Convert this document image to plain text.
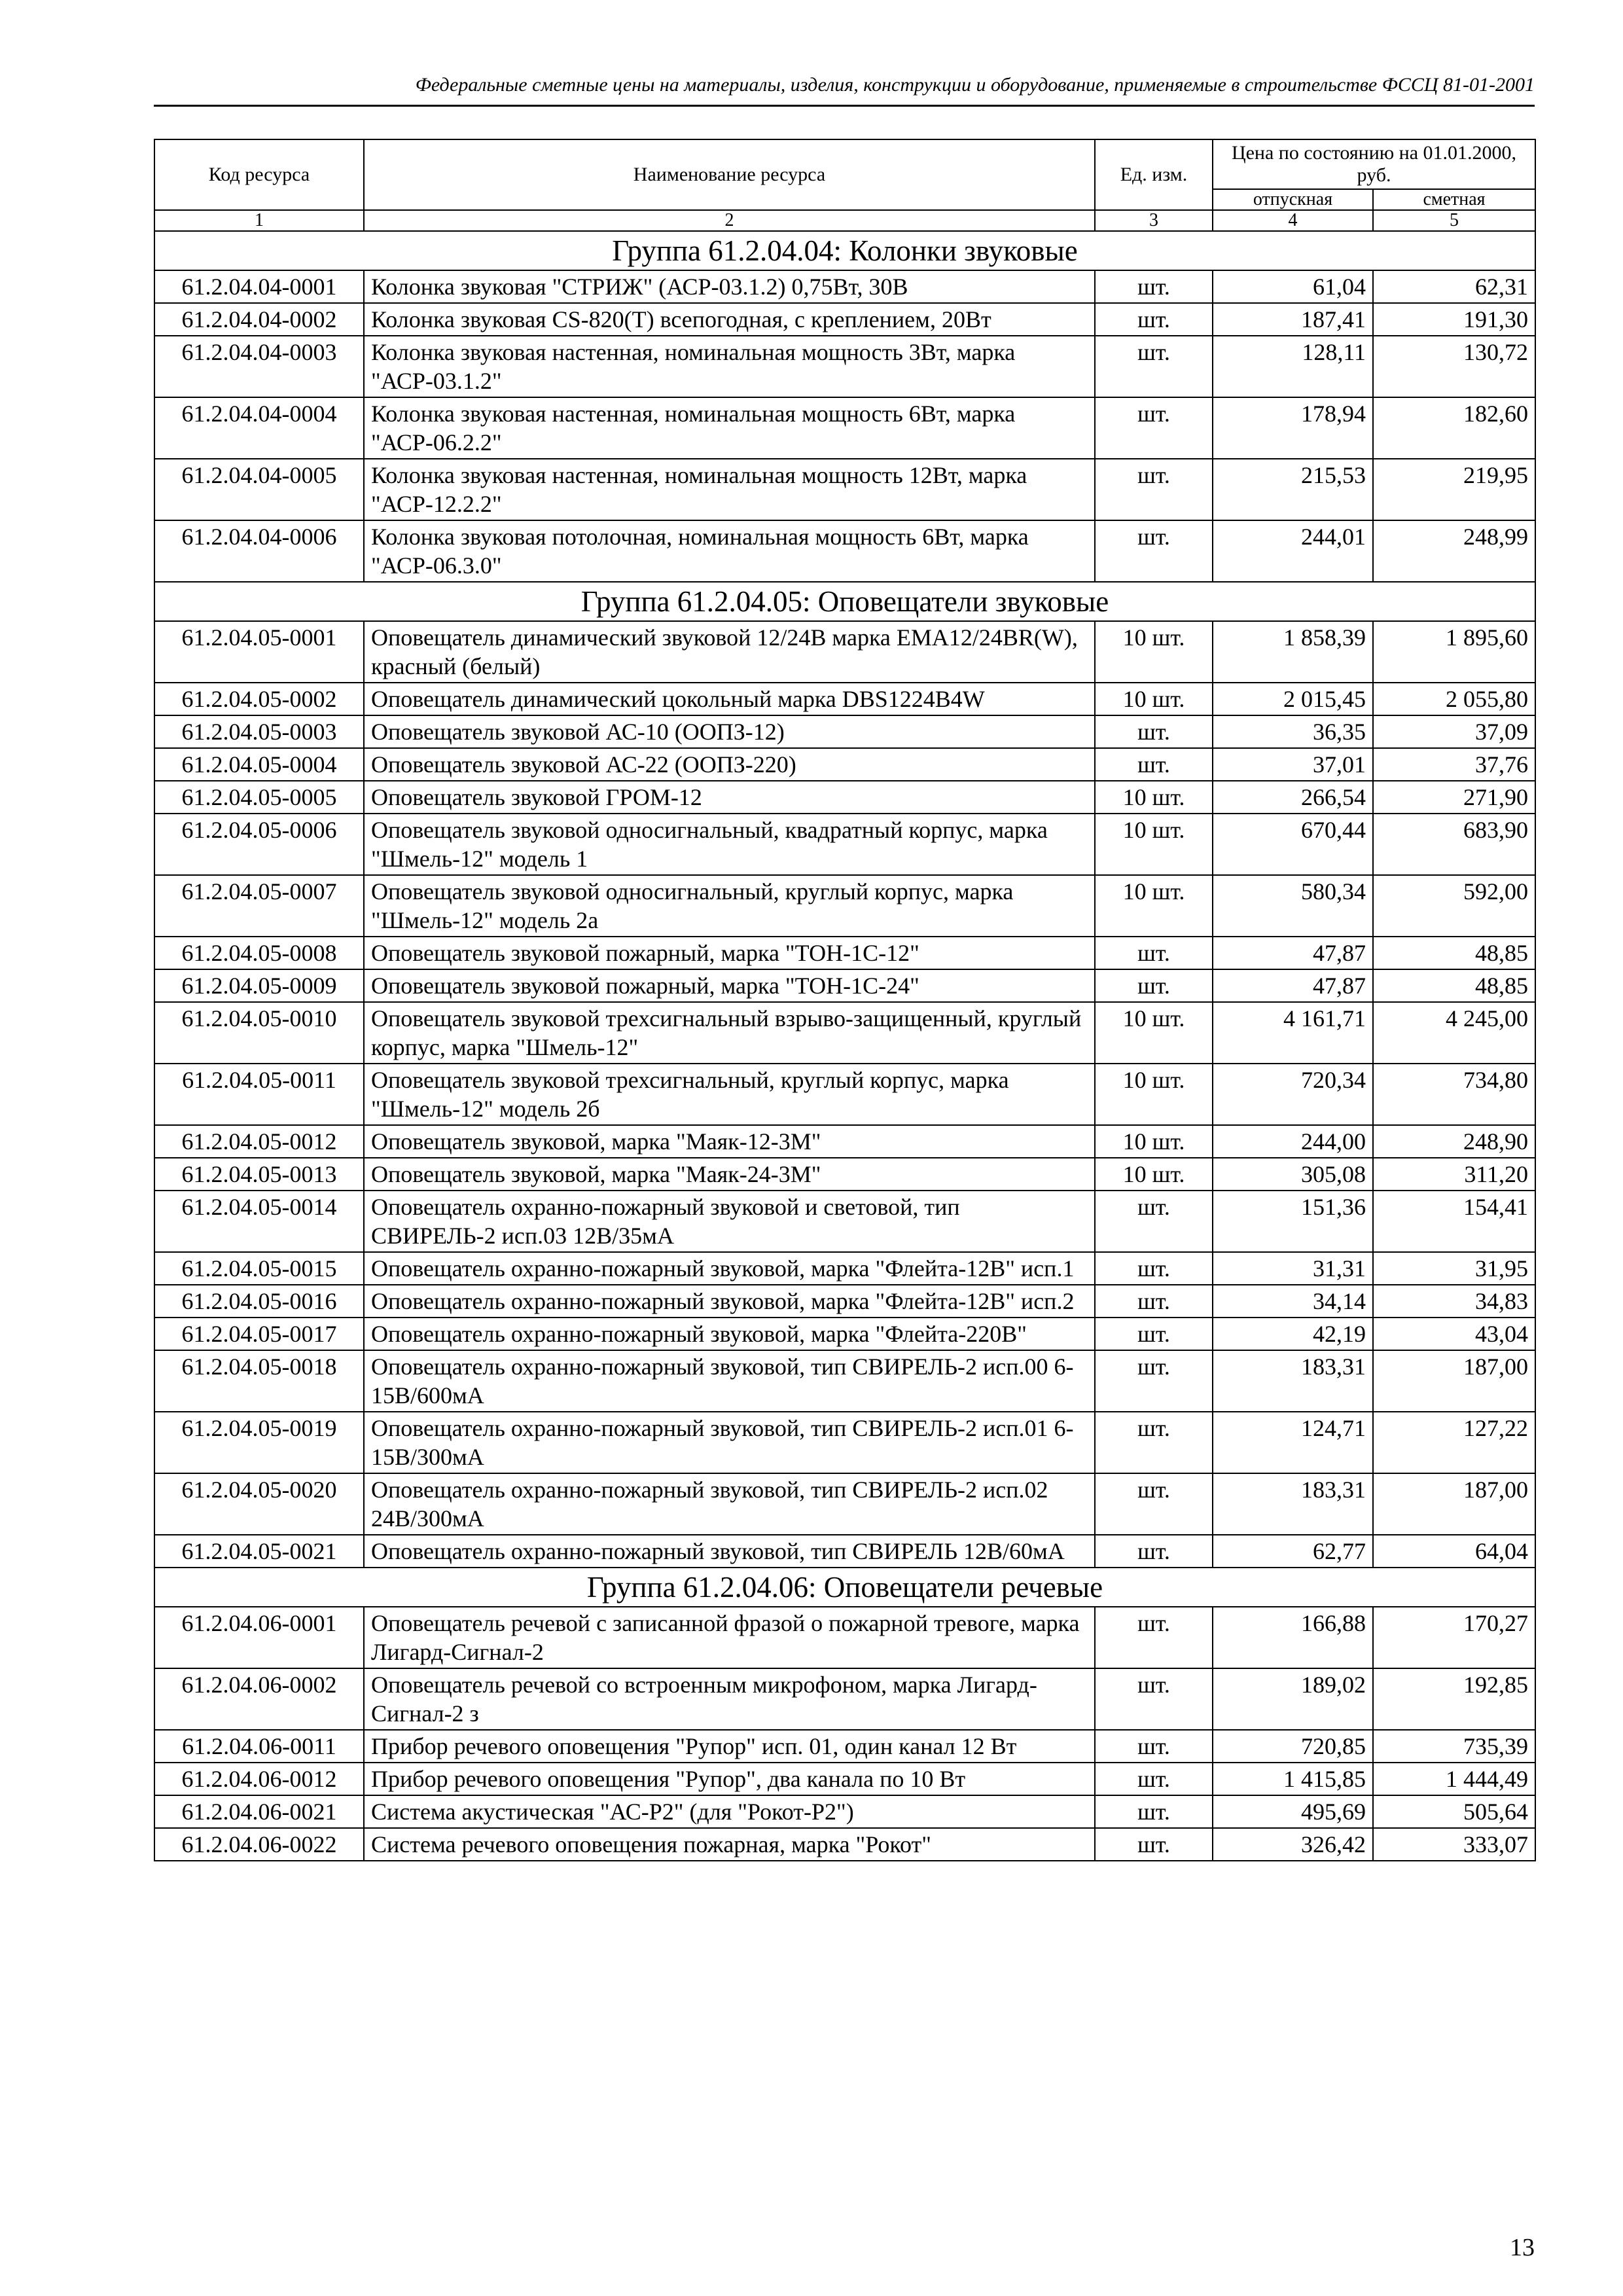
Федеральные сметные цены на материалы, изделия, конструкции и оборудование, применяемые в строительстве ФССЦ 81-01-2001
Код ресурса	Наименование ресурса	Ед. изм.	Цена по состоянию на 01.01.2000, руб.	
			отпускная	сметная
1	2	3	4	5
Группа 61.2.04.04: Колонки звуковые				
61.2.04.04-0001	Колонка звуковая "СТРИЖ" (АСР-03.1.2) 0,75Вт, 30В	шт.	61,04	62,31
61.2.04.04-0002	Колонка звуковая CS-820(T) всепогодная, с креплением, 20Вт	шт.	187,41	191,30
61.2.04.04-0003	Колонка звуковая настенная, номинальная мощность 3Вт, марка "АСР-03.1.2"	шт.	128,11	130,72
61.2.04.04-0004	Колонка звуковая настенная, номинальная мощность 6Вт, марка "АСР-06.2.2"	шт.	178,94	182,60
61.2.04.04-0005	Колонка звуковая настенная, номинальная мощность 12Вт, марка "АСР-12.2.2"	шт.	215,53	219,95
61.2.04.04-0006	Колонка звуковая потолочная, номинальная мощность 6Вт, марка "АСР-06.3.0"	шт.	244,01	248,99
Группа 61.2.04.05: Оповещатели звуковые				
61.2.04.05-0001	Оповещатель динамический звуковой 12/24В марка EMA12/24BR(W), красный (белый)	10 шт.	1 858,39	1 895,60
61.2.04.05-0002	Оповещатель динамический цокольный марка DBS1224B4W	10 шт.	2 015,45	2 055,80
61.2.04.05-0003	Оповещатель звуковой АС-10 (ООПЗ-12)	шт.	36,35	37,09
61.2.04.05-0004	Оповещатель звуковой АС-22 (ООПЗ-220)	шт.	37,01	37,76
61.2.04.05-0005	Оповещатель звуковой ГРОМ-12	10 шт.	266,54	271,90
61.2.04.05-0006	Оповещатель звуковой односигнальный, квадратный корпус, марка "Шмель-12" модель 1	10 шт.	670,44	683,90
61.2.04.05-0007	Оповещатель звуковой односигнальный, круглый корпус, марка "Шмель-12" модель 2а	10 шт.	580,34	592,00
61.2.04.05-0008	Оповещатель звуковой пожарный, марка "ТОН-1С-12"	шт.	47,87	48,85
61.2.04.05-0009	Оповещатель звуковой пожарный, марка "ТОН-1С-24"	шт.	47,87	48,85
61.2.04.05-0010	Оповещатель звуковой трехсигнальный взрыво-защищенный, круглый корпус, марка "Шмель-12"	10 шт.	4 161,71	4 245,00
61.2.04.05-0011	Оповещатель звуковой трехсигнальный, круглый корпус, марка "Шмель-12" модель 2б	10 шт.	720,34	734,80
61.2.04.05-0012	Оповещатель звуковой, марка "Маяк-12-3М"	10 шт.	244,00	248,90
61.2.04.05-0013	Оповещатель звуковой, марка "Маяк-24-3М"	10 шт.	305,08	311,20
61.2.04.05-0014	Оповещатель охранно-пожарный звуковой и световой, тип СВИРЕЛЬ-2 исп.03 12В/35мА	шт.	151,36	154,41
61.2.04.05-0015	Оповещатель охранно-пожарный звуковой, марка "Флейта-12В" исп.1	шт.	31,31	31,95
61.2.04.05-0016	Оповещатель охранно-пожарный звуковой, марка "Флейта-12В" исп.2	шт.	34,14	34,83
61.2.04.05-0017	Оповещатель охранно-пожарный звуковой, марка "Флейта-220В"	шт.	42,19	43,04
61.2.04.05-0018	Оповещатель охранно-пожарный звуковой, тип СВИРЕЛЬ-2 исп.00 6-15В/600мА	шт.	183,31	187,00
61.2.04.05-0019	Оповещатель охранно-пожарный звуковой, тип СВИРЕЛЬ-2 исп.01 6-15В/300мА	шт.	124,71	127,22
61.2.04.05-0020	Оповещатель охранно-пожарный звуковой, тип СВИРЕЛЬ-2 исп.02 24В/300мА	шт.	183,31	187,00
61.2.04.05-0021	Оповещатель охранно-пожарный звуковой, тип СВИРЕЛЬ 12В/60мА	шт.	62,77	64,04
Группа 61.2.04.06: Оповещатели речевые				
61.2.04.06-0001	Оповещатель речевой с записанной фразой о пожарной тревоге, марка Лигард-Сигнал-2	шт.	166,88	170,27
61.2.04.06-0002	Оповещатель речевой со встроенным микрофоном, марка Лигард-Сигнал-2 з	шт.	189,02	192,85
61.2.04.06-0011	Прибор речевого оповещения "Рупор" исп. 01, один канал 12 Вт	шт.	720,85	735,39
61.2.04.06-0012	Прибор речевого оповещения "Рупор", два канала по 10 Вт	шт.	1 415,85	1 444,49
61.2.04.06-0021	Система акустическая "АС-Р2" (для "Рокот-Р2")	шт.	495,69	505,64
61.2.04.06-0022	Система речевого оповещения пожарная, марка "Рокот"	шт.	326,42	333,07
13
